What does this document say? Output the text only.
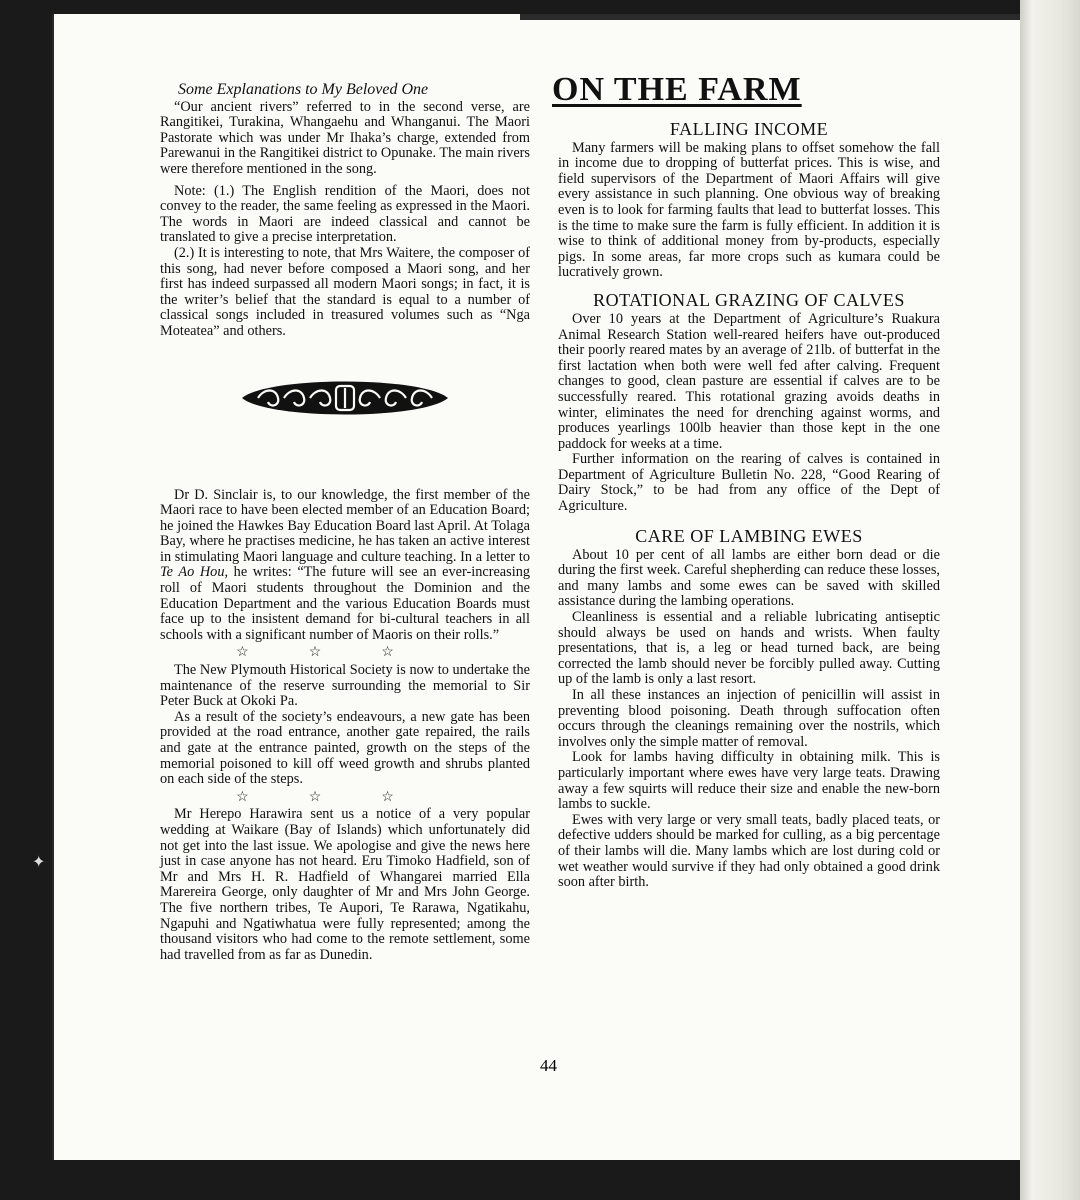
Some Explanations to My Beloved One

“Our ancient rivers” referred to in the second verse, are Rangitikei, Turakina, Whangaehu and Whanganui. The Maori Pastorate which was under Mr Ihaka’s charge, extended from Parewanui in the Rangitikei district to Opunake. The main rivers were therefore mentioned in the song.

Note: (1.) The English rendition of the Maori, does not convey to the reader, the same feeling as expressed in the Maori. The words in Maori are indeed classical and cannot be translated to give a precise interpretation.

(2.) It is interesting to note, that Mrs Waitere, the composer of this song, had never before composed a Maori song, and her first has indeed surpassed all modern Maori songs; in fact, it is the writer’s belief that the standard is equal to a number of classical songs included in treasured volumes such as “Nga Moteatea” and others.

Dr D. Sinclair is, to our knowledge, the first member of the Maori race to have been elected member of an Education Board; he joined the Hawkes Bay Education Board last April. At Tolaga Bay, where he practises medicine, he has taken an active interest in stimulating Maori language and culture teaching. In a letter to Te Ao Hou, he writes: “The future will see an ever-increasing roll of Maori students throughout the Dominion and the Education Department and the various Education Boards must face up to the insistent demand for bi-cultural teachers in all schools with a significant number of Maoris on their rolls.”

☆☆☆

The New Plymouth Historical Society is now to undertake the maintenance of the reserve surrounding the memorial to Sir Peter Buck at Okoki Pa.

As a result of the society’s endeavours, a new gate has been provided at the road entrance, another gate repaired, the rails and gate at the entrance painted, growth on the steps of the memorial poisoned to kill off weed growth and shrubs planted on each side of the steps.

☆☆☆

Mr Herepo Harawira sent us a notice of a very popular wedding at Waikare (Bay of Islands) which unfortunately did not get into the last issue. We apologise and give the news here just in case anyone has not heard. Eru Timoko Hadfield, son of Mr and Mrs H. R. Hadfield of Whangarei married Ella Marereira George, only daughter of Mr and Mrs John George. The five northern tribes, Te Aupori, Te Rarawa, Ngatikahu, Ngapuhi and Ngatiwhatua were fully represented; among the thousand visitors who had come to the remote settlement, some had travelled from as far as Dunedin.

ON THE FARM

FALLING INCOME

Many farmers will be making plans to offset somehow the fall in income due to dropping of butterfat prices. This is wise, and field supervisors of the Department of Maori Affairs will give every assistance in such planning. One obvious way of breaking even is to look for farming faults that lead to butterfat losses. This is the time to make sure the farm is fully efficient. In addition it is wise to think of additional money from by-products, especially pigs. In some areas, far more crops such as kumara could be lucratively grown.

ROTATIONAL GRAZING OF CALVES

Over 10 years at the Department of Agriculture’s Ruakura Animal Research Station well-reared heifers have out-produced their poorly reared mates by an average of 21lb. of butterfat in the first lactation when both were well fed after calving. Frequent changes to good, clean pasture are essential if calves are to be successfully reared. This rotational grazing avoids deaths in winter, eliminates the need for drenching against worms, and produces yearlings 100lb heavier than those kept in the one paddock for weeks at a time.

Further information on the rearing of calves is contained in Department of Agriculture Bulletin No. 228, “Good Rearing of Dairy Stock,” to be had from any office of the Dept of Agriculture.

CARE OF LAMBING EWES

About 10 per cent of all lambs are either born dead or die during the first week. Careful shepherding can reduce these losses, and many lambs and some ewes can be saved with skilled assistance during the lambing operations.

Cleanliness is essential and a reliable lubricating antiseptic should always be used on hands and wrists. When faulty presentations, that is, a leg or head turned back, are being corrected the lamb should never be forcibly pulled away. Cutting up of the lamb is only a last resort.

In all these instances an injection of penicillin will assist in preventing blood poisoning. Death through suffocation often occurs through the cleanings remaining over the nostrils, which involves only the simple matter of removal.

Look for lambs having difficulty in obtaining milk. This is particularly important where ewes have very large teats. Drawing away a few squirts will reduce their size and enable the new-born lambs to suckle.

Ewes with very large or very small teats, badly placed teats, or defective udders should be marked for culling, as a big percentage of their lambs will die. Many lambs which are lost during cold or wet weather would survive if they had only obtained a good drink soon after birth.

44
✦
